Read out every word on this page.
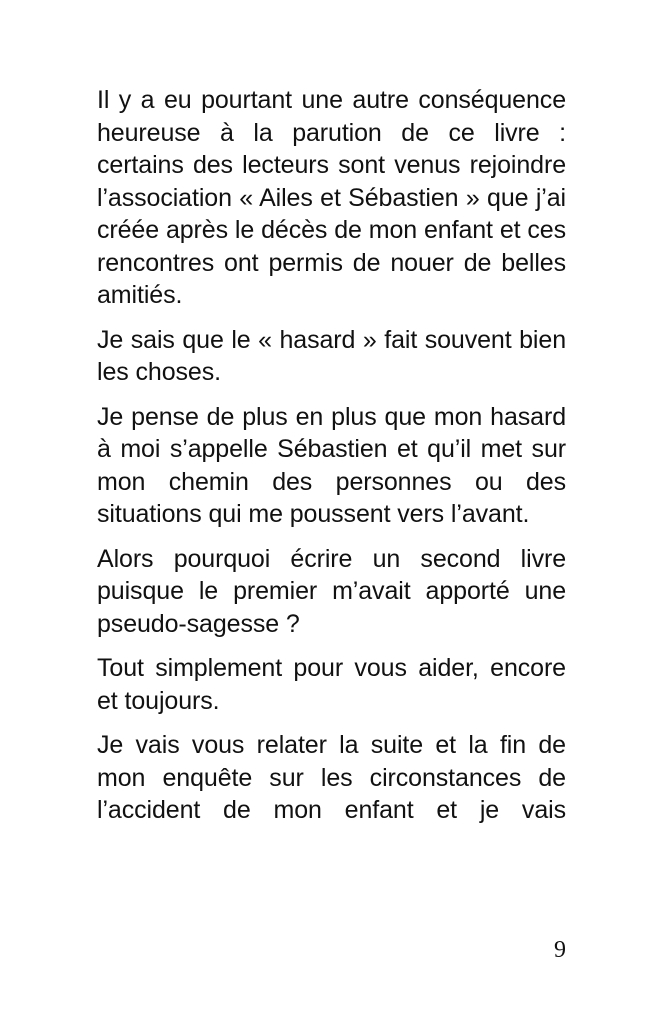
Il y a eu pourtant une autre conséquence heureuse à la parution de ce livre : certains des lecteurs sont venus rejoindre l’association « Ailes et Sébastien » que j’ai créée après le décès de mon enfant et ces rencontres ont permis de nouer de belles amitiés.

Je sais que le « hasard » fait souvent bien les choses.

Je pense de plus en plus que mon hasard à moi s’appelle Sébastien et qu’il met sur mon chemin des personnes ou des situations qui me poussent vers l’avant.

Alors pourquoi écrire un second livre puisque le premier m’avait apporté une pseudo-sagesse ?

Tout simplement pour vous aider, encore et toujours.

Je vais vous relater la suite et la fin de mon enquête sur les circonstances de l’accident de mon enfant et je vais

9
